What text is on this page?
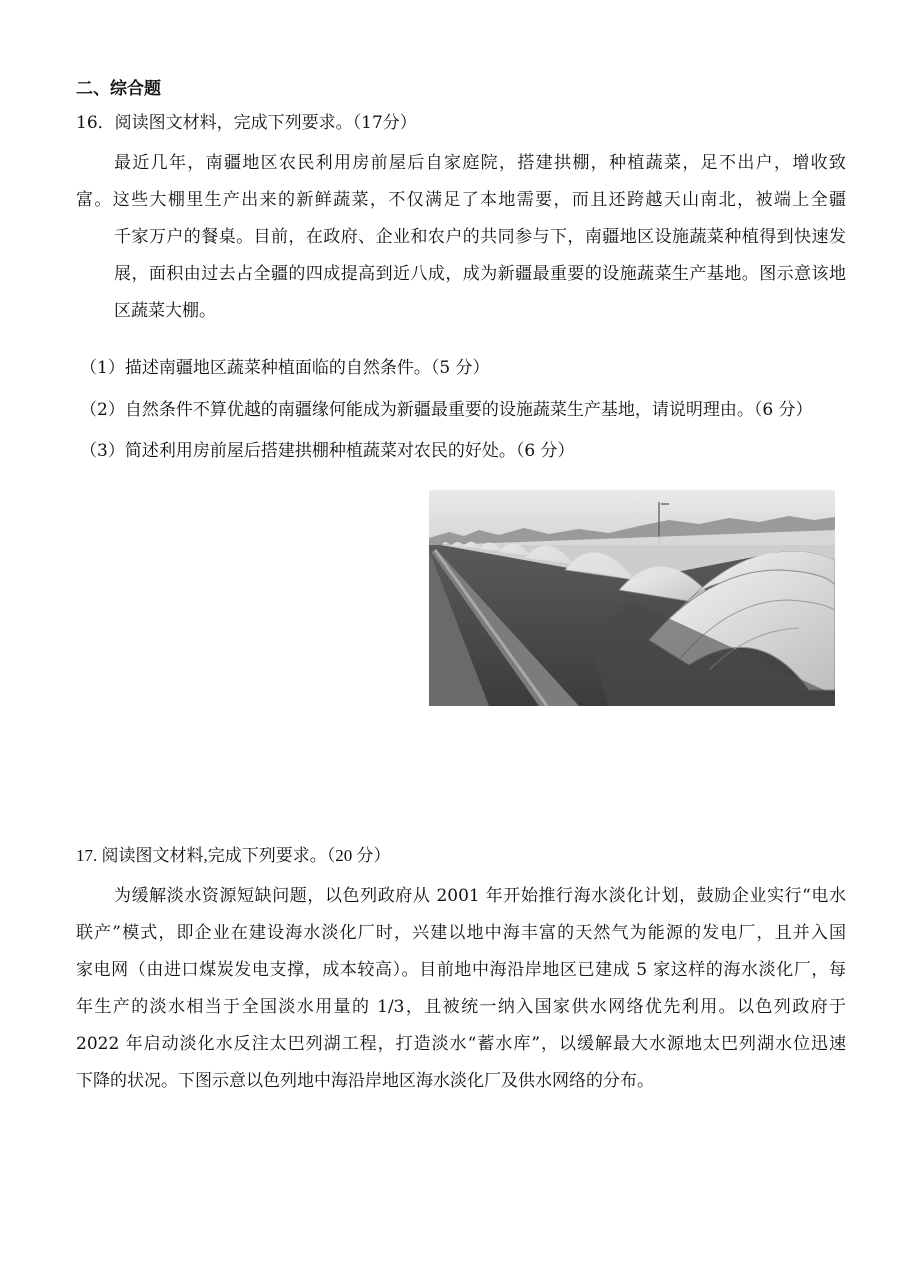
二、综合题
16．阅读图文材料，完成下列要求。（17分）
最近几年，南疆地区农民利用房前屋后自家庭院，搭建拱棚，种植蔬菜，足不出户，增收致
富。这些大棚里生产出来的新鲜蔬菜，不仅满足了本地需要，而且还跨越天山南北，被端上全疆
千家万户的餐桌。目前，在政府、企业和农户的共同参与下，南疆地区设施蔬菜种植得到快速发
展，面积由过去占全疆的四成提高到近八成，成为新疆最重要的设施蔬菜生产基地。图示意该地
区蔬菜大棚。
（1）描述南疆地区蔬菜种植面临的自然条件。（5 分）
（2）自然条件不算优越的南疆缘何能成为新疆最重要的设施蔬菜生产基地，请说明理由。（6 分）
（3）简述利用房前屋后搭建拱棚种植蔬菜对农民的好处。（6 分）
17. 阅读图文材料,完成下列要求。（20 分）
为缓解淡水资源短缺问题，以色列政府从 2001 年开始推行海水淡化计划，鼓励企业实行“电水
联产”模式，即企业在建设海水淡化厂时，兴建以地中海丰富的天然气为能源的发电厂，且并入国
家电网（由进口煤炭发电支撑，成本较高）。目前地中海沿岸地区已建成 5 家这样的海水淡化厂，每
年生产的淡水相当于全国淡水用量的 1/3，且被统一纳入国家供水网络优先利用。以色列政府于
2022 年启动淡化水反注太巴列湖工程，打造淡水“蓄水库”，以缓解最大水源地太巴列湖水位迅速
下降的状况。下图示意以色列地中海沿岸地区海水淡化厂及供水网络的分布。
